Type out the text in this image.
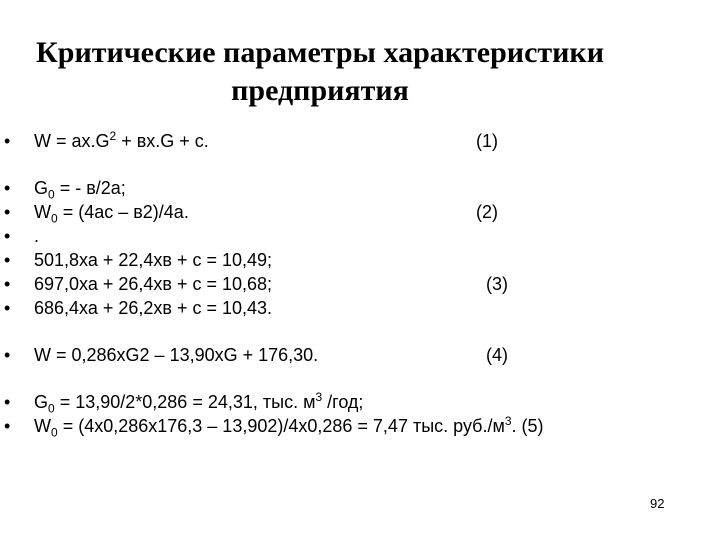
Критические параметры характеристики
предприятия
• $W = ax.G^2 + вх.G + c$.	(1)
• $G_0$ = - в/2а;
• $W_0 = (4ac - в2)/4а$.	(2)
• .
• 501,8ха + 22,4хв + с = 10,49;
• 697,0ха + 26,4хв + с = 10,68;	(3)
• 686,4ха + 26,2хв + с = 10,43.
• W = 0,286хG2 – 13,90хG + 176,30.	(4)
• $G_0 = 13,90/2*0,286 = 24,31$, тыс. $м^3$ /год;
• $W_0 = (4х0,286х176,3 - 13,902)/4х0,286 = 7,47$ тыс. $руб./м^3$. (5)
92
